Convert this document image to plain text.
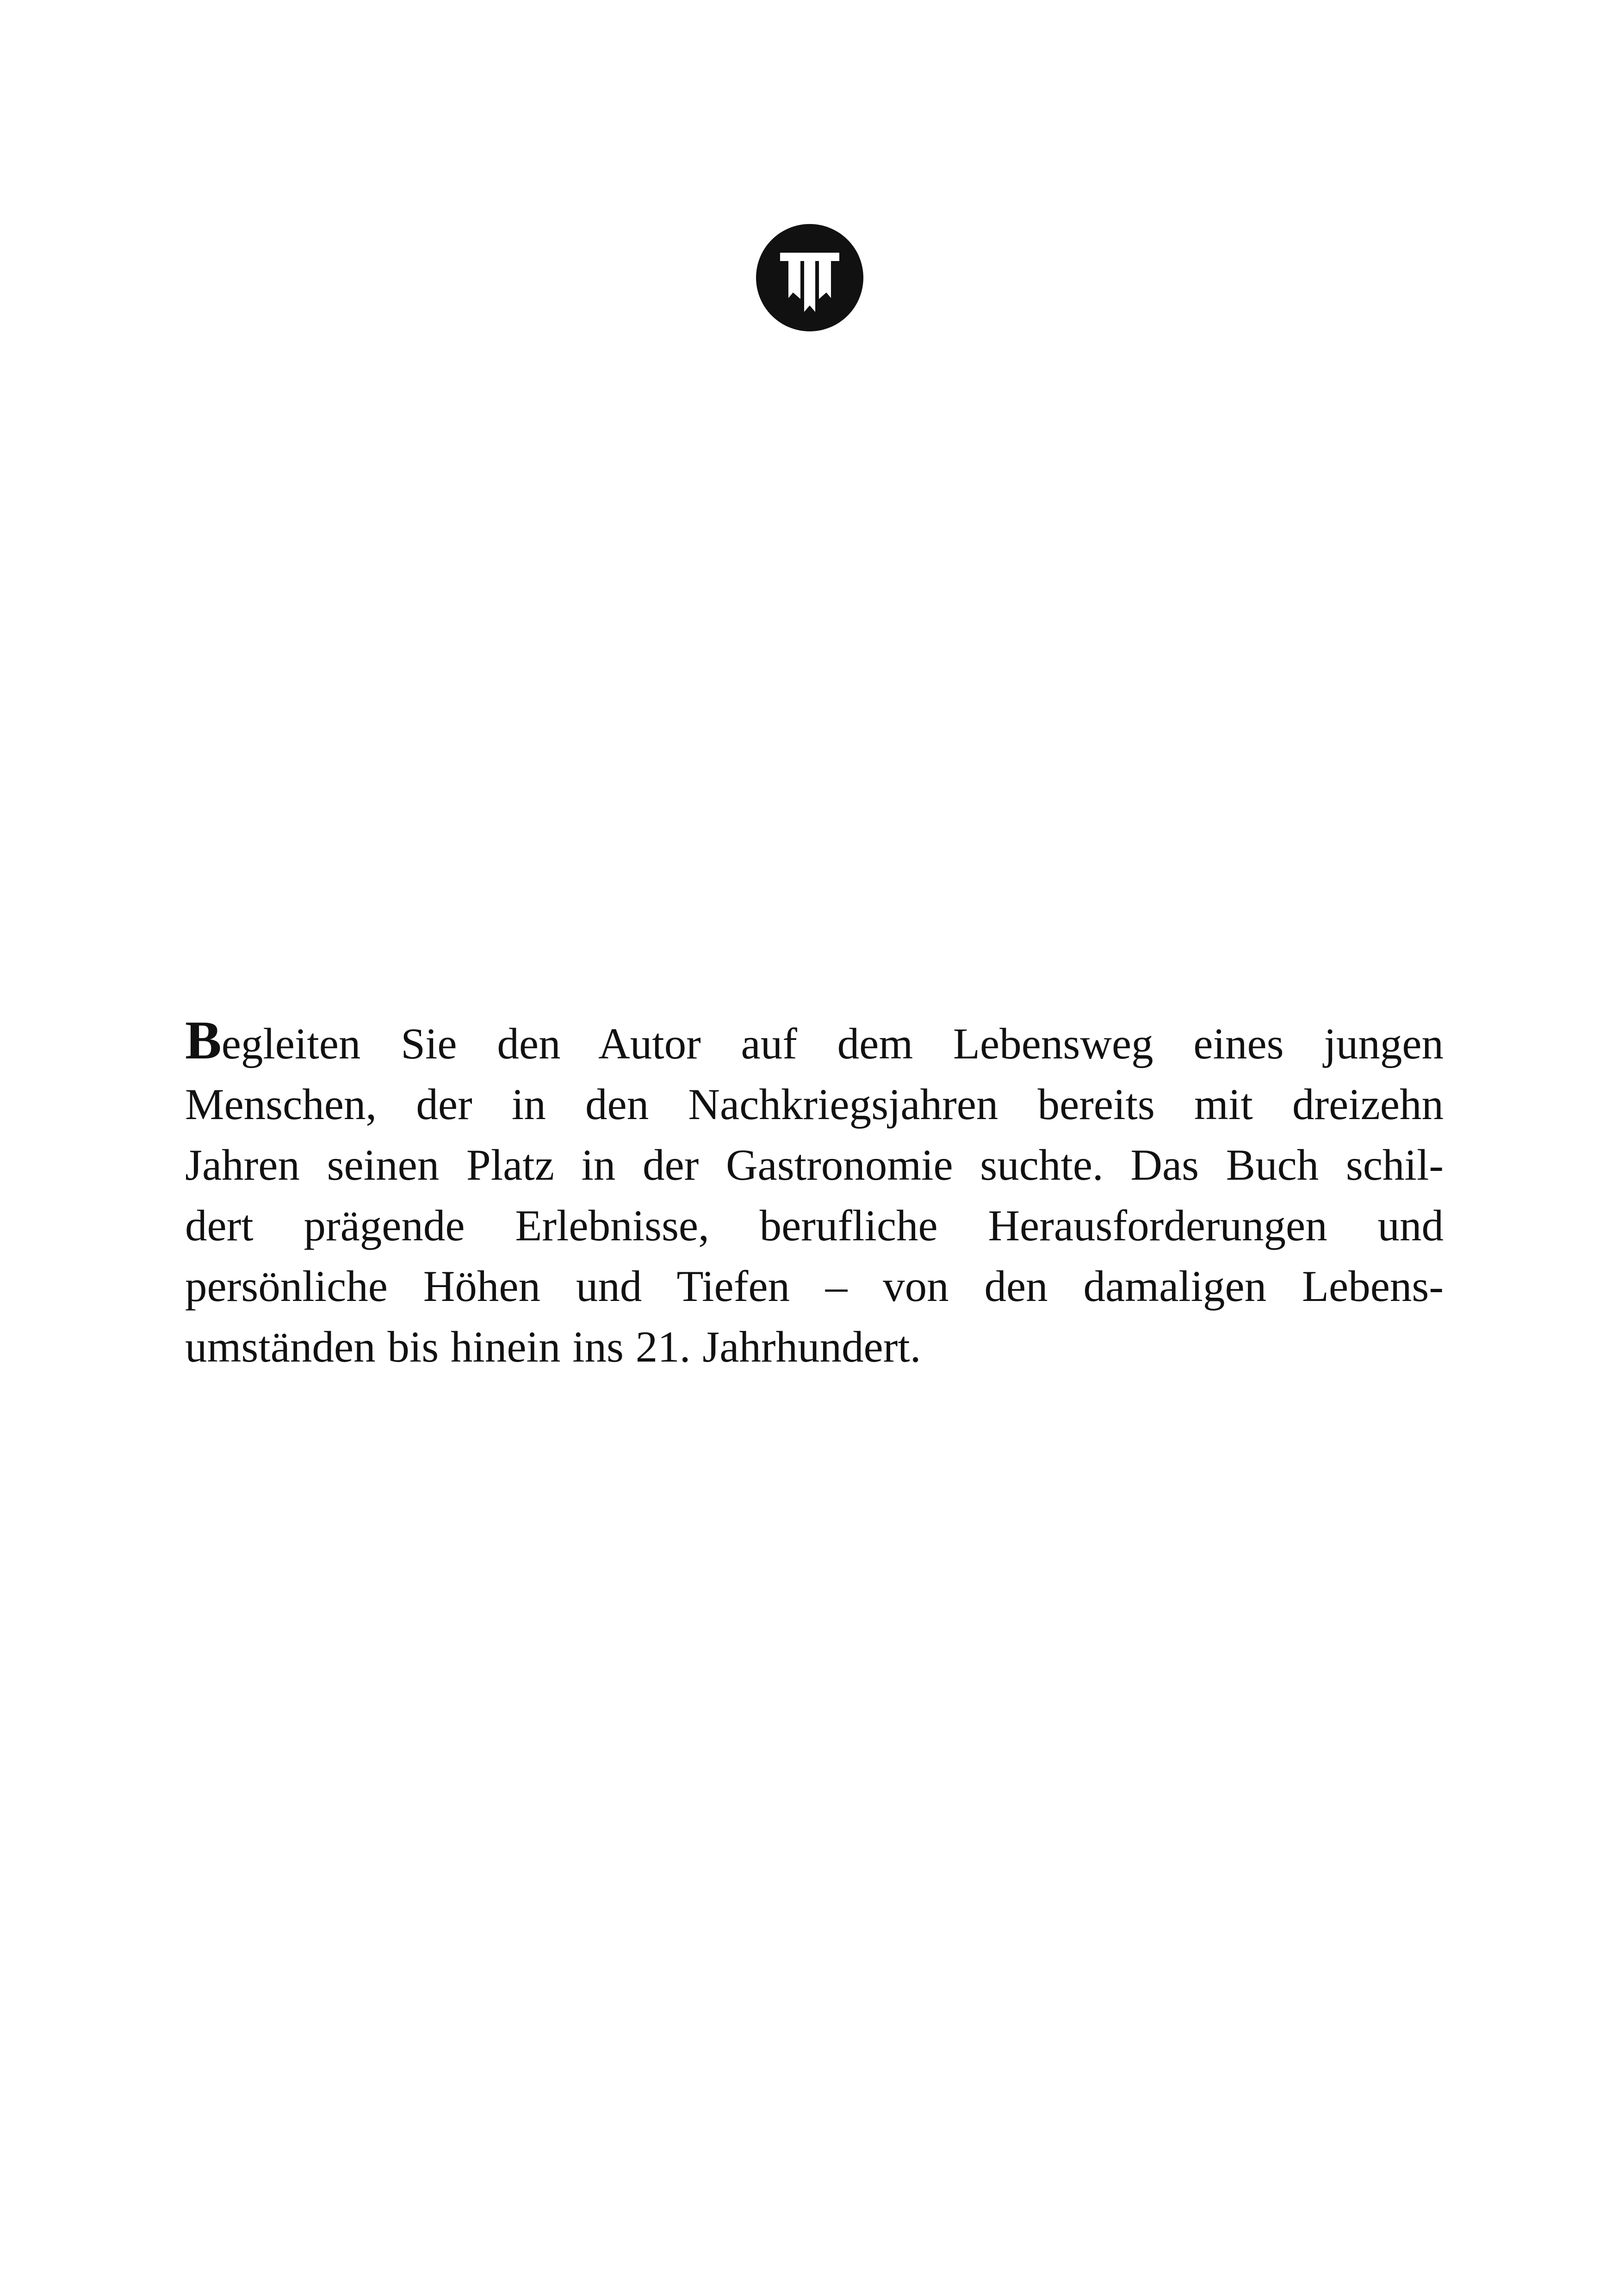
Begleiten Sie den Autor auf dem Lebensweg eines jungen
Menschen, der in den Nachkriegsjahren bereits mit dreizehn
Jahren seinen Platz in der Gastronomie suchte. Das Buch schil-
dert prägende Erlebnisse, berufliche Herausforderungen und
persönliche Höhen und Tiefen – von den damaligen Lebens-
umständen bis hinein ins 21. Jahrhundert.
